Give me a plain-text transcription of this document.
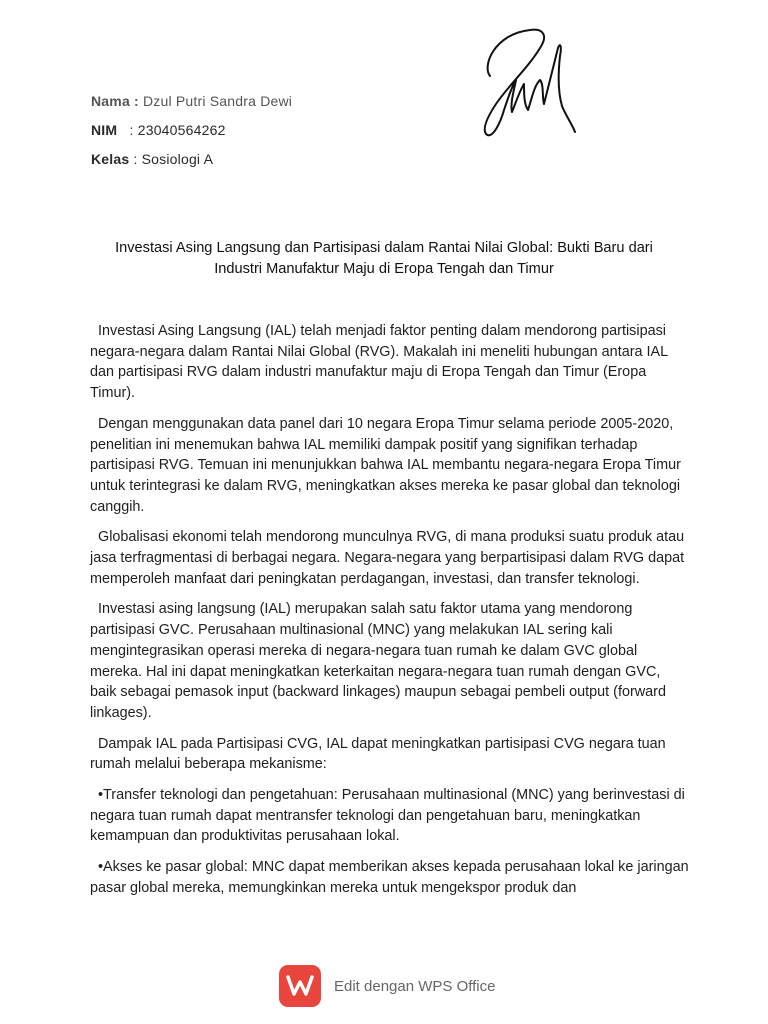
Nama : Dzul Putri Sandra Dewi
NIM : 23040564262
Kelas : Sosiologi A
Investasi Asing Langsung dan Partisipasi dalam Rantai Nilai Global: Bukti Baru dari
Industri Manufaktur Maju di Eropa Tengah dan Timur

Investasi Asing Langsung (IAL) telah menjadi faktor penting dalam mendorong partisipasi negara-negara dalam Rantai Nilai Global (RVG). Makalah ini meneliti hubungan antara IAL dan partisipasi RVG dalam industri manufaktur maju di Eropa Tengah dan Timur (Eropa Timur).

Dengan menggunakan data panel dari 10 negara Eropa Timur selama periode 2005-2020, penelitian ini menemukan bahwa IAL memiliki dampak positif yang signifikan terhadap partisipasi RVG. Temuan ini menunjukkan bahwa IAL membantu negara-negara Eropa Timur untuk terintegrasi ke dalam RVG, meningkatkan akses mereka ke pasar global dan teknologi canggih.

Globalisasi ekonomi telah mendorong munculnya RVG, di mana produksi suatu produk atau jasa terfragmentasi di berbagai negara. Negara-negara yang berpartisipasi dalam RVG dapat memperoleh manfaat dari peningkatan perdagangan, investasi, dan transfer teknologi.

Investasi asing langsung (IAL) merupakan salah satu faktor utama yang mendorong partisipasi GVC. Perusahaan multinasional (MNC) yang melakukan IAL sering kali mengintegrasikan operasi mereka di negara-negara tuan rumah ke dalam GVC global mereka. Hal ini dapat meningkatkan keterkaitan negara-negara tuan rumah dengan GVC, baik sebagai pemasok input (backward linkages) maupun sebagai pembeli output (forward linkages).

Dampak IAL pada Partisipasi CVG, IAL dapat meningkatkan partisipasi CVG negara tuan rumah melalui beberapa mekanisme:

•Transfer teknologi dan pengetahuan: Perusahaan multinasional (MNC) yang berinvestasi di negara tuan rumah dapat mentransfer teknologi dan pengetahuan baru, meningkatkan kemampuan dan produktivitas perusahaan lokal.

•Akses ke pasar global: MNC dapat memberikan akses kepada perusahaan lokal ke jaringan pasar global mereka, memungkinkan mereka untuk mengekspor produk dan

Edit dengan WPS Office
